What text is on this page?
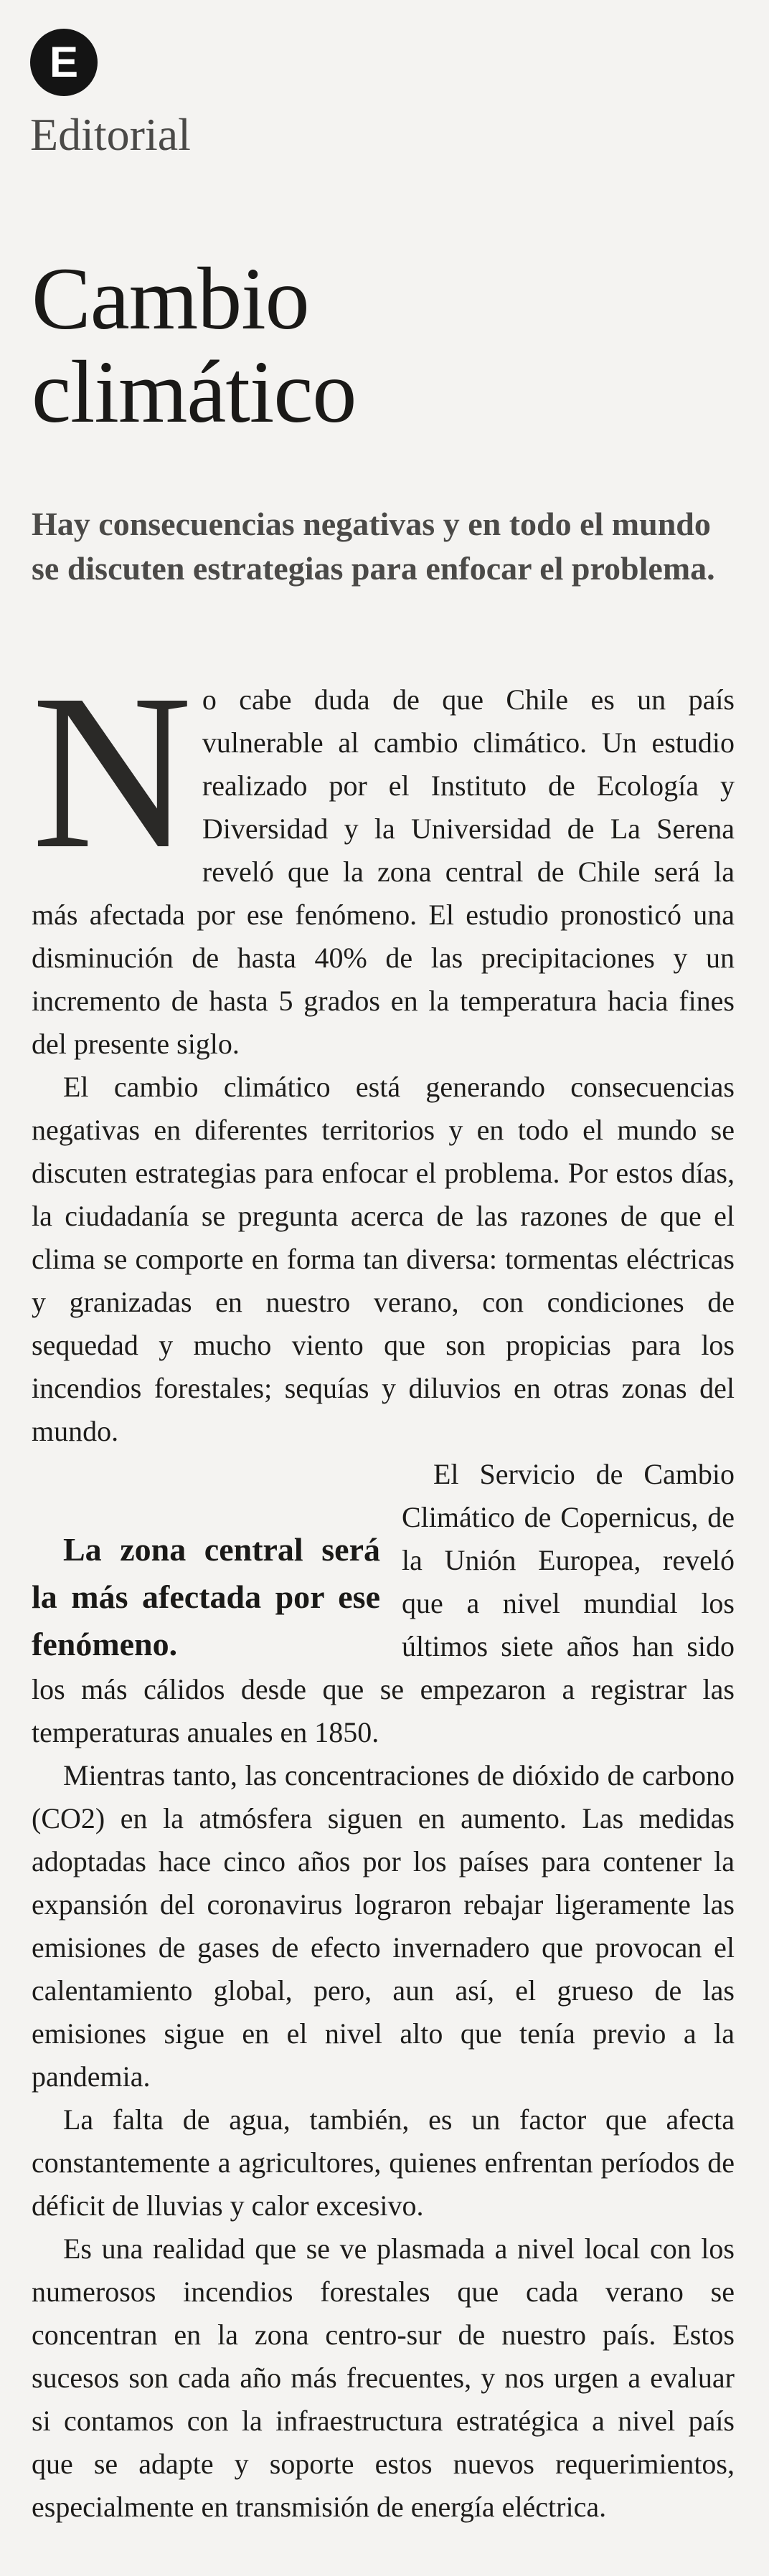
E
Editorial
Cambio
climático
Hay consecuencias negativas y en todo el mundo se discuten estrategias para enfocar el problema.

No cabe duda de que Chile es un país vulnerable al cambio climático. Un estudio realizado por el Instituto de Ecología y Diversidad y la Universidad de La Serena reveló que la zona central de Chile será la más afectada por ese fenómeno. El estudio pronosticó una disminución de hasta 40% de las precipitaciones y un incremento de hasta 5 grados en la temperatura hacia fines del presente siglo.

El cambio climático está generando consecuencias negativas en diferentes territorios y en todo el mundo se discuten estrategias para enfocar el problema. Por estos días, la ciudadanía se pregunta acerca de las razones de que el clima se comporte en forma tan diversa: tormentas eléctricas y granizadas en nuestro verano, con condiciones de sequedad y mucho viento que son propicias para los incendios forestales; sequías y diluvios en otras zonas del mundo.

La zona central será la más afectada por ese fenómeno.
El Servicio de Cambio Climático de Copernicus, de la Unión Europea, reveló que a nivel mundial los últimos siete años han sido los más cálidos desde que se empezaron a registrar las temperaturas anuales en 1850.

Mientras tanto, las concentraciones de dióxido de carbono (CO2) en la atmósfera siguen en aumento. Las medidas adoptadas hace cinco años por los países para contener la expansión del coronavirus lograron rebajar ligeramente las emisiones de gases de efecto invernadero que provocan el calentamiento global, pero, aun así, el grueso de las emisiones sigue en el nivel alto que tenía previo a la pandemia.

La falta de agua, también, es un factor que afecta constantemente a agricultores, quienes enfrentan períodos de déficit de lluvias y calor excesivo.

Es una realidad que se ve plasmada a nivel local con los numerosos incendios forestales que cada verano se concentran en la zona centro-sur de nuestro país. Estos sucesos son cada año más frecuentes, y nos urgen a evaluar si contamos con la infraestructura estratégica a nivel país que se adapte y soporte estos nuevos requerimientos, especialmente en transmisión de energía eléctrica.
